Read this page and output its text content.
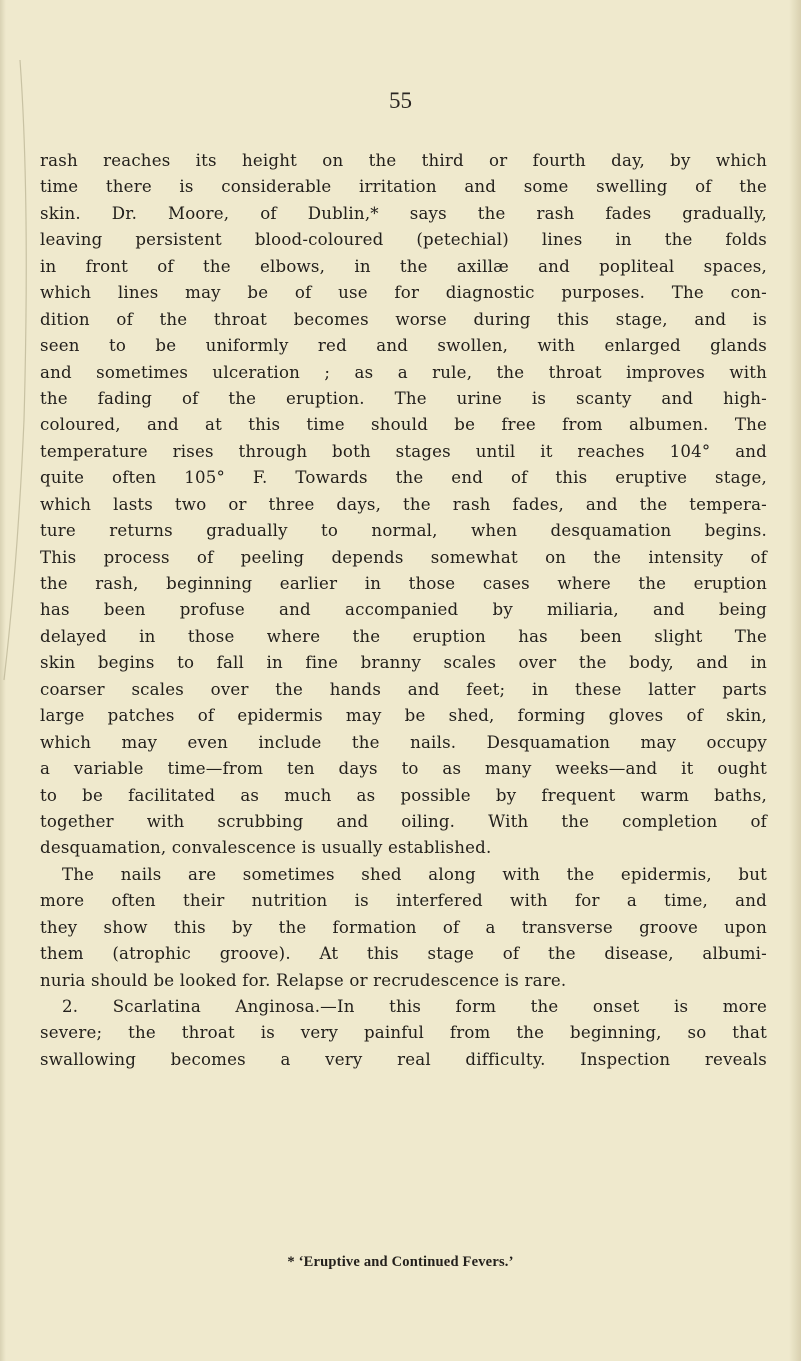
55

rash reaches its height on the third or fourth day, by which
time there is considerable irritation and some swelling of the
skin. Dr. Moore, of Dublin,* says the rash fades gradually,
leaving persistent blood-coloured (petechial) lines in the folds
in front of the elbows, in the axillæ and popliteal spaces,
which lines may be of use for diagnostic purposes. The con-
dition of the throat becomes worse during this stage, and is
seen to be uniformly red and swollen, with enlarged glands
and sometimes ulceration ; as a rule, the throat improves with
the fading of the eruption. The urine is scanty and high-
coloured, and at this time should be free from albumen. The
temperature rises through both stages until it reaches 104° and
quite often 105° F. Towards the end of this eruptive stage,
which lasts two or three days, the rash fades, and the tempera-
ture returns gradually to normal, when desquamation begins.
This process of peeling depends somewhat on the intensity of
the rash, beginning earlier in those cases where the eruption
has been profuse and accompanied by miliaria, and being
delayed in those where the eruption has been slight The
skin begins to fall in fine branny scales over the body, and in
coarser scales over the hands and feet; in these latter parts
large patches of epidermis may be shed, forming gloves of skin,
which may even include the nails. Desquamation may occupy
a variable time—from ten days to as many weeks—and it ought
to be facilitated as much as possible by frequent warm baths,
together with scrubbing and oiling. With the completion of
desquamation, convalescence is usually established.
The nails are sometimes shed along with the epidermis, but
more often their nutrition is interfered with for a time, and
they show this by the formation of a transverse groove upon
them (atrophic groove). At this stage of the disease, albumi-
nuria should be looked for. Relapse or recrudescence is rare.
2. Scarlatina Anginosa.—In this form the onset is more
severe; the throat is very painful from the beginning, so that
swallowing becomes a very real difficulty. Inspection reveals
* ‘Eruptive and Continued Fevers.’
